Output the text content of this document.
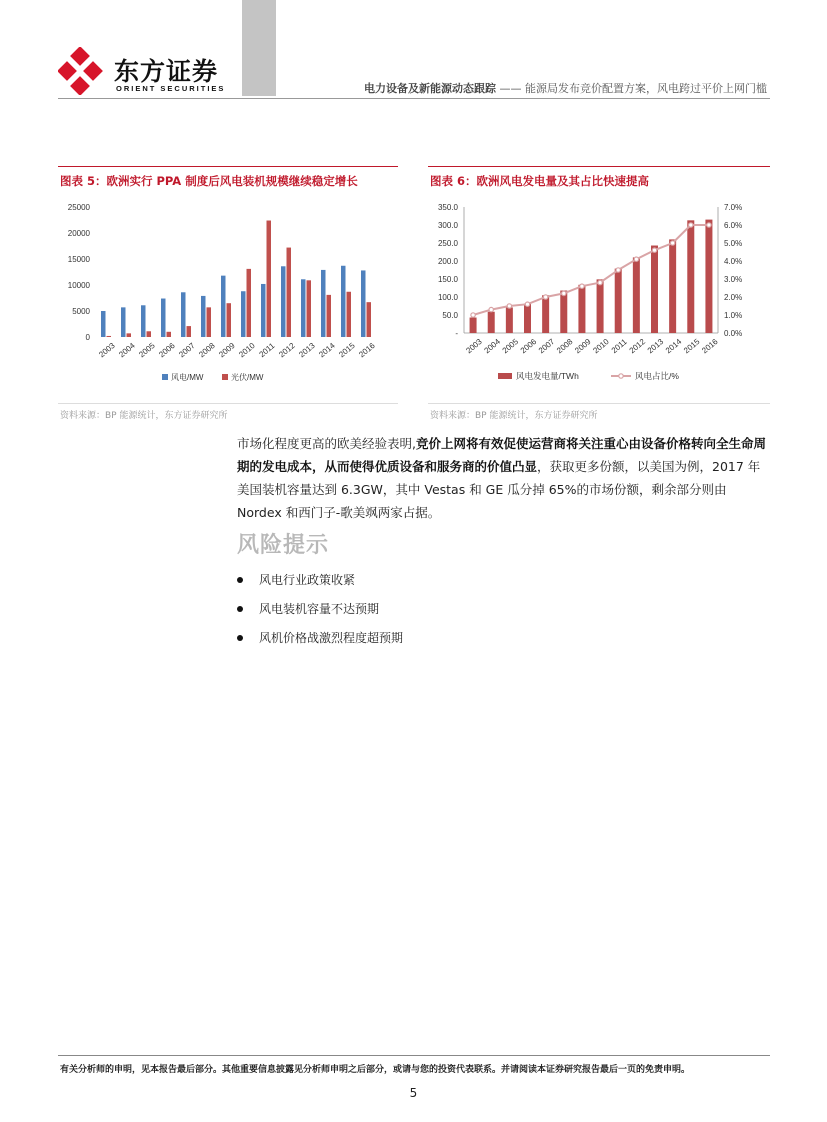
东方证券
ORIENT SECURITIES	电力设备及新能源动态跟踪 —— 能源局发布竞价配置方案，风电跨过平价上网门槛
图表 5：欧洲实行 PPA 制度后风电装机规模继续稳定增长
0
5000
10000
15000
20000
25000
2003 2004 2005 2006 2007 2008 2009 2010 2011 2012 2013 2014 2015 2016
风电/MW	光伏/MW
资料来源：BP 能源统计，东方证券研究所
图表 6：欧洲风电发电量及其占比快速提高
-
50.0
100.0
150.0
200.0
250.0
300.0
350.0
0.0%
1.0%
2.0%
3.0%
4.0%
5.0%
6.0%
7.0%
2003
2004
2005
2006
2007
2008
2009
2010
2011
2012
2013
2014
2015
2016
风电发电量/TWh	风电占比/%
资料来源：BP 能源统计，东方证券研究所
市场化程度更高的欧美经验表明,竞价上网将有效促使运营商将关注重心由设备价格转向全生命周期的发电成本，从而使得优质设备和服务商的价值凸显，获取更多份额，以美国为例，2017 年美国装机容量达到 6.3GW，其中 Vestas 和 GE 瓜分掉 65%的市场份额，剩余部分则由 Nordex 和西门子-歌美飒两家占据。
风险提示
风电行业政策收紧
风电装机容量不达预期
风机价格战激烈程度超预期
有关分析师的申明，见本报告最后部分。其他重要信息披露见分析师申明之后部分，或请与您的投资代表联系。并请阅读本证券研究报告最后一页的免责申明。
5
